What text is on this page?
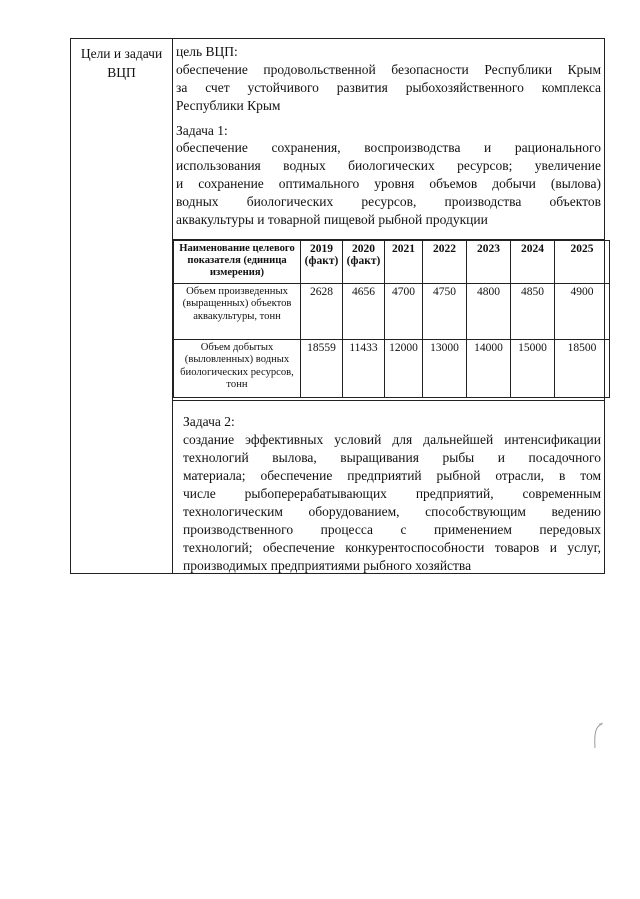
Цели и задачи
ВЦП
цель ВЦП:
обеспечение продовольственной безопасности Республики Крым
за счет устойчивого развития рыбохозяйственного комплекса
Республики Крым
Задача 1:
обеспечение сохранения, воспроизводства и рационального
использования водных биологических ресурсов; увеличение
и сохранение оптимального уровня объемов добычи (вылова)
водных биологических ресурсов, производства объектов
аквакультуры и товарной пищевой рыбной продукции
Наименование целевого показателя (единица измерения)	2019 (факт)	2020 (факт)	2021	2022	2023	2024	2025
Объем произведенных (выращенных) объектов аквакультуры, тонн	2628	4656	4700	4750	4800	4850	4900
Объем добытых (выловленных) водных биологических ресурсов, тонн	18559	11433	12000	13000	14000	15000	18500
Задача 2:
создание эффективных условий для дальнейшей интенсификации
технологий вылова, выращивания рыбы и посадочного
материала; обеспечение предприятий рыбной отрасли, в том
числе рыбоперерабатывающих предприятий, современным
технологическим оборудованием, способствующим ведению
производственного процесса с применением передовых
технологий; обеспечение конкурентоспособности товаров и услуг,
производимых предприятиями рыбного хозяйства
